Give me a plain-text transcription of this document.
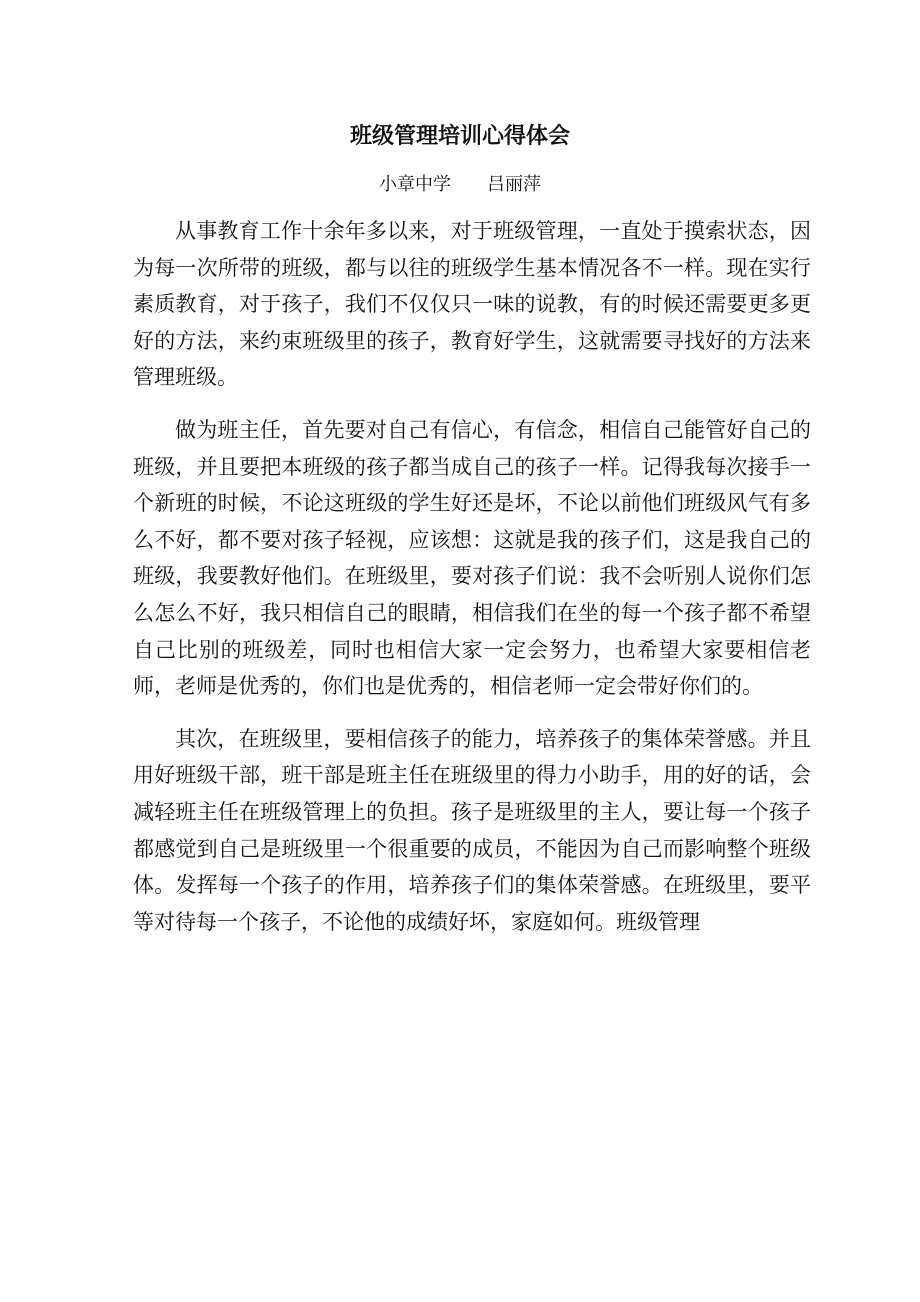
班级管理培训心得体会
小章中学　　吕丽萍

从事教育工作十余年多以来，对于班级管理，一直处于摸索状态，因为每一次所带的班级，都与以往的班级学生基本情况各不一样。现在实行素质教育，对于孩子，我们不仅仅只一味的说教，有的时候还需要更多更好的方法，来约束班级里的孩子，教育好学生，这就需要寻找好的方法来管理班级。

做为班主任，首先要对自己有信心，有信念，相信自己能管好自己的班级，并且要把本班级的孩子都当成自己的孩子一样。记得我每次接手一个新班的时候，不论这班级的学生好还是坏，不论以前他们班级风气有多么不好，都不要对孩子轻视，应该想：这就是我的孩子们，这是我自己的班级，我要教好他们。在班级里，要对孩子们说：我不会听别人说你们怎么怎么不好，我只相信自己的眼睛，相信我们在坐的每一个孩子都不希望自己比别的班级差，同时也相信大家一定会努力，也希望大家要相信老师，老师是优秀的，你们也是优秀的，相信老师一定会带好你们的。

其次，在班级里，要相信孩子的能力，培养孩子的集体荣誉感。并且用好班级干部，班干部是班主任在班级里的得力小助手，用的好的话，会减轻班主任在班级管理上的负担。孩子是班级里的主人，要让每一个孩子都感觉到自己是班级里一个很重要的成员，不能因为自己而影响整个班级体。发挥每一个孩子的作用，培养孩子们的集体荣誉感。在班级里，要平等对待每一个孩子，不论他的成绩好坏，家庭如何。班级管理
